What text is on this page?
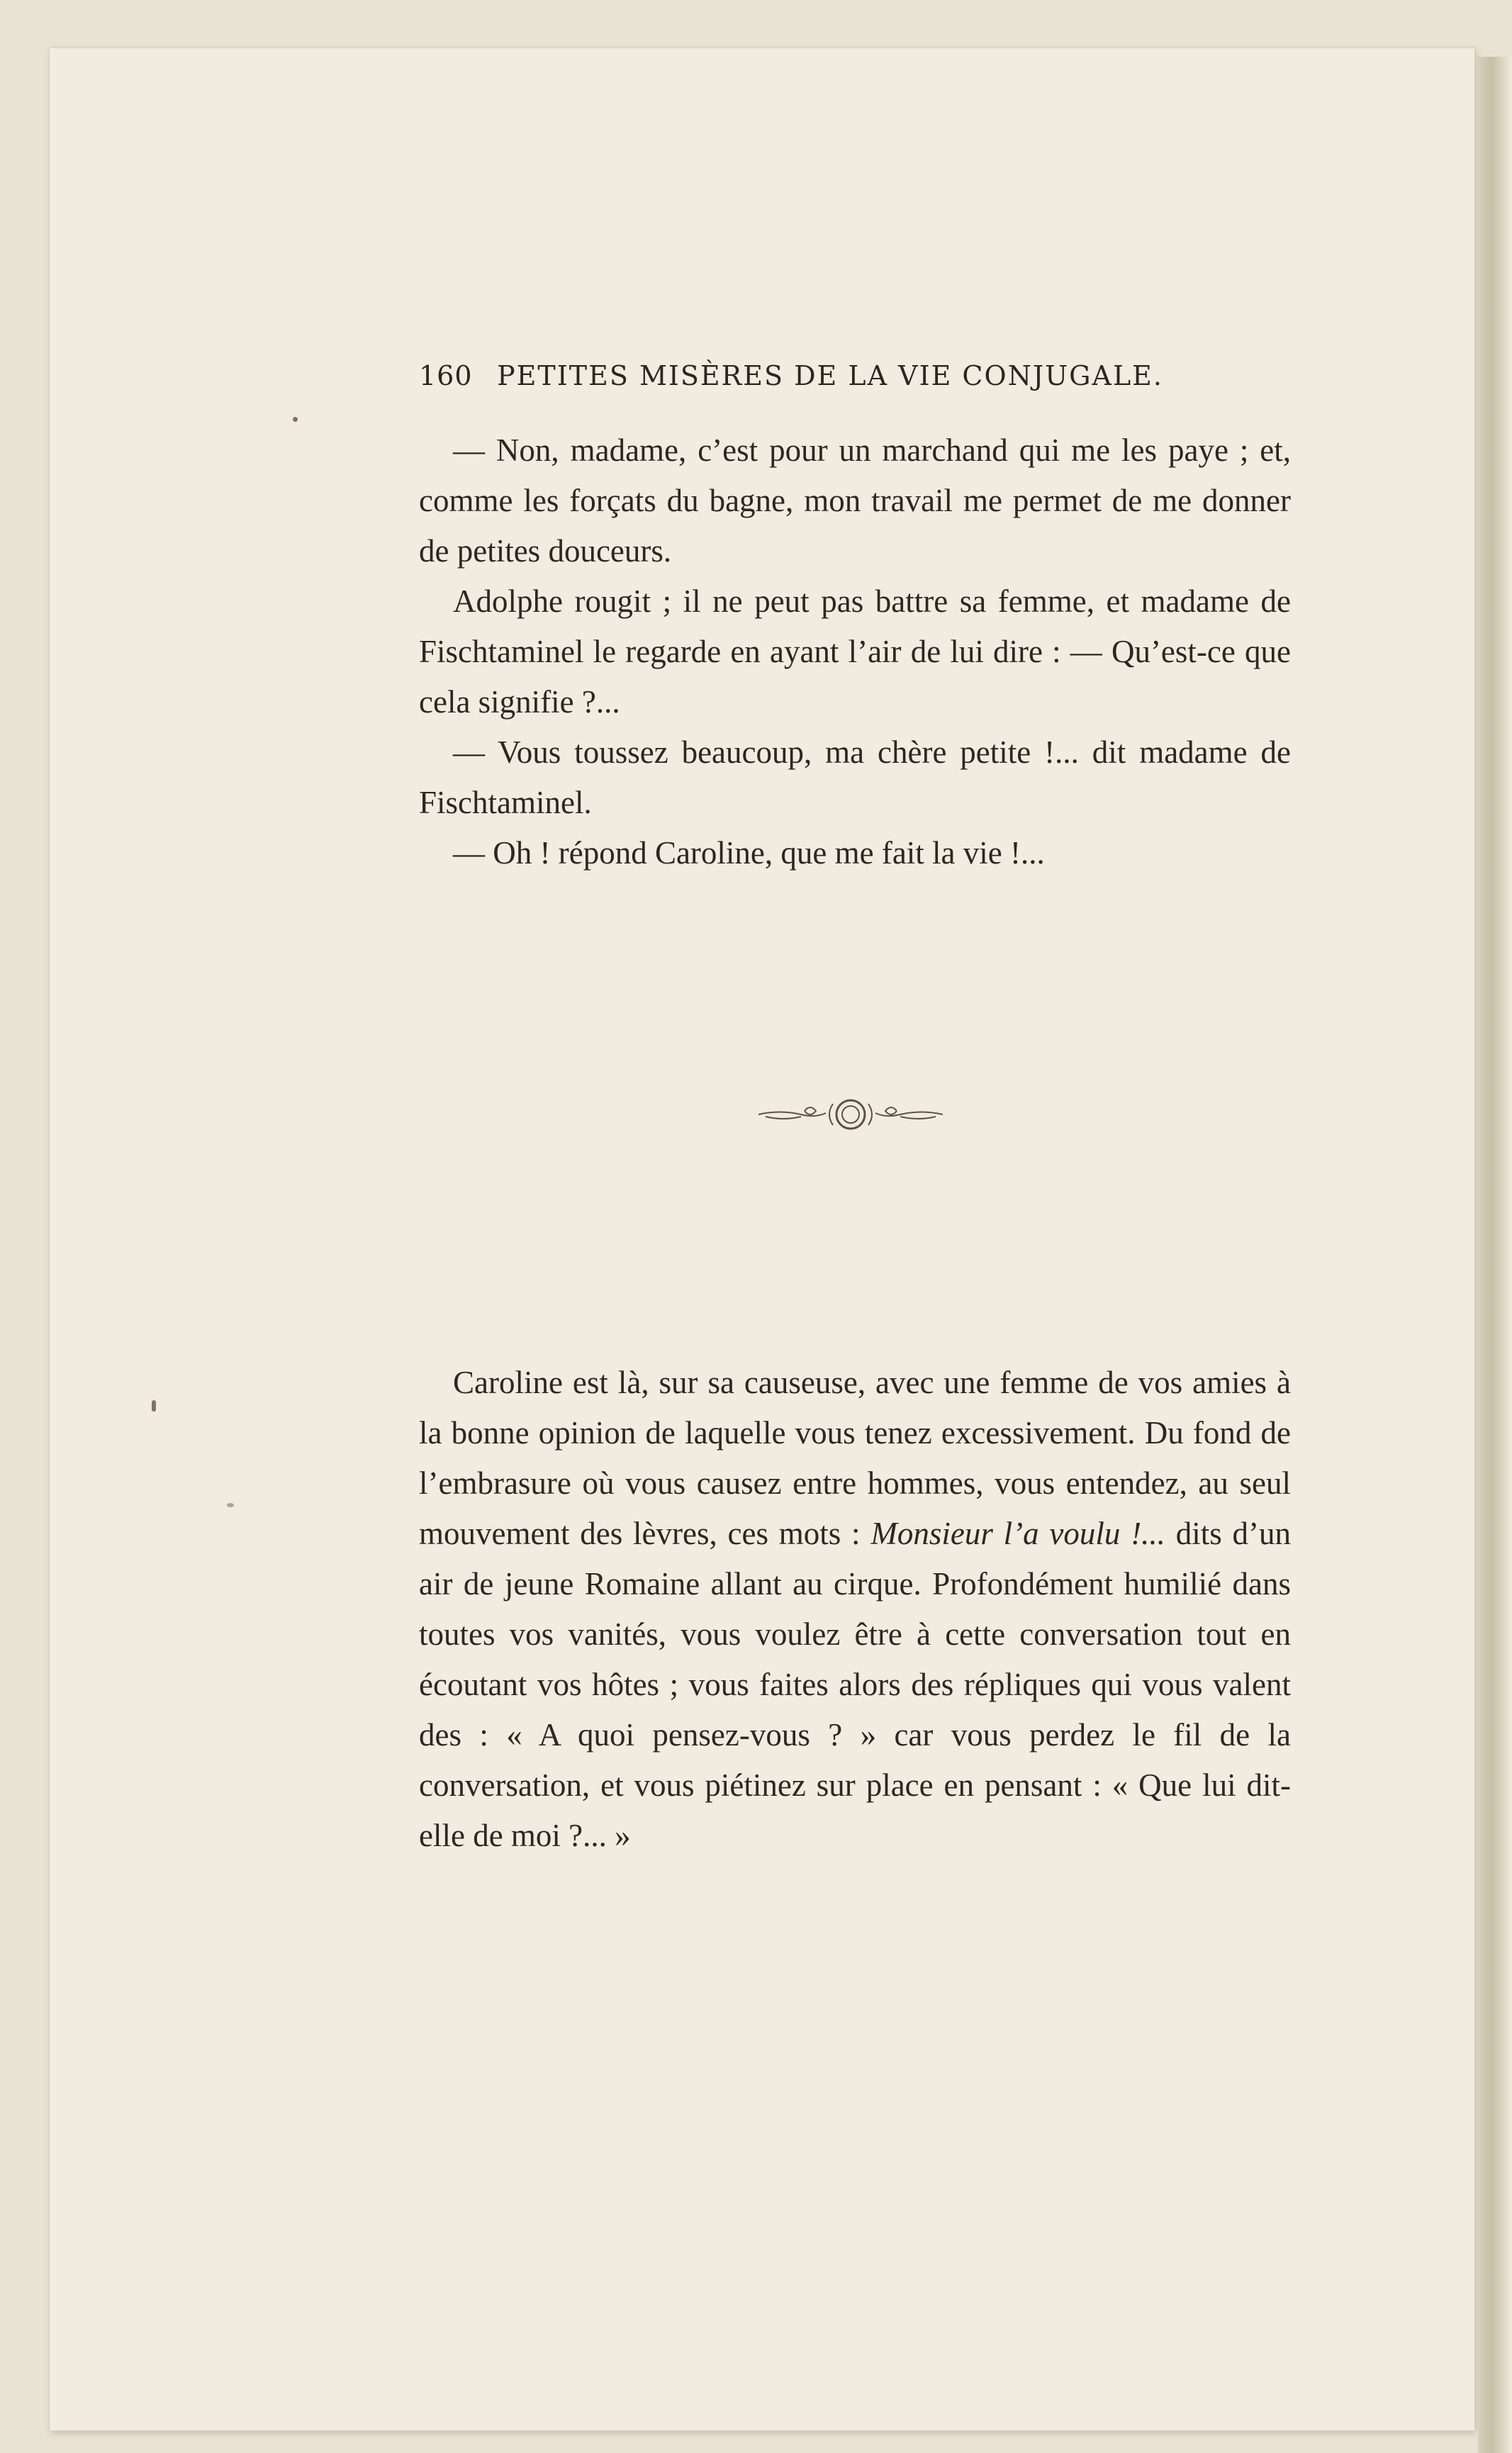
160 PETITES MISÈRES DE LA VIE CONJUGALE.

— Non, madame, c’est pour un marchand qui me les paye ; et, comme les forçats du bagne, mon travail me permet de me donner de petites douceurs.

Adolphe rougit ; il ne peut pas battre sa femme, et madame de Fischtaminel le regarde en ayant l’air de lui dire : — Qu’est-ce que cela signifie ?...

— Vous toussez beaucoup, ma chère petite !... dit madame de Fischtaminel.

— Oh ! répond Caroline, que me fait la vie !...

Caroline est là, sur sa causeuse, avec une femme de vos amies à la bonne opinion de laquelle vous tenez excessivement. Du fond de l’embrasure où vous causez entre hommes, vous entendez, au seul mouvement des lèvres, ces mots : Monsieur l’a voulu !... dits d’un air de jeune Romaine allant au cirque. Profondément humilié dans toutes vos vanités, vous voulez être à cette conversation tout en écoutant vos hôtes ; vous faites alors des répliques qui vous valent des : « A quoi pensez-vous ? » car vous perdez le fil de la conversation, et vous piétinez sur place en pensant : « Que lui dit-elle de moi ?... »
